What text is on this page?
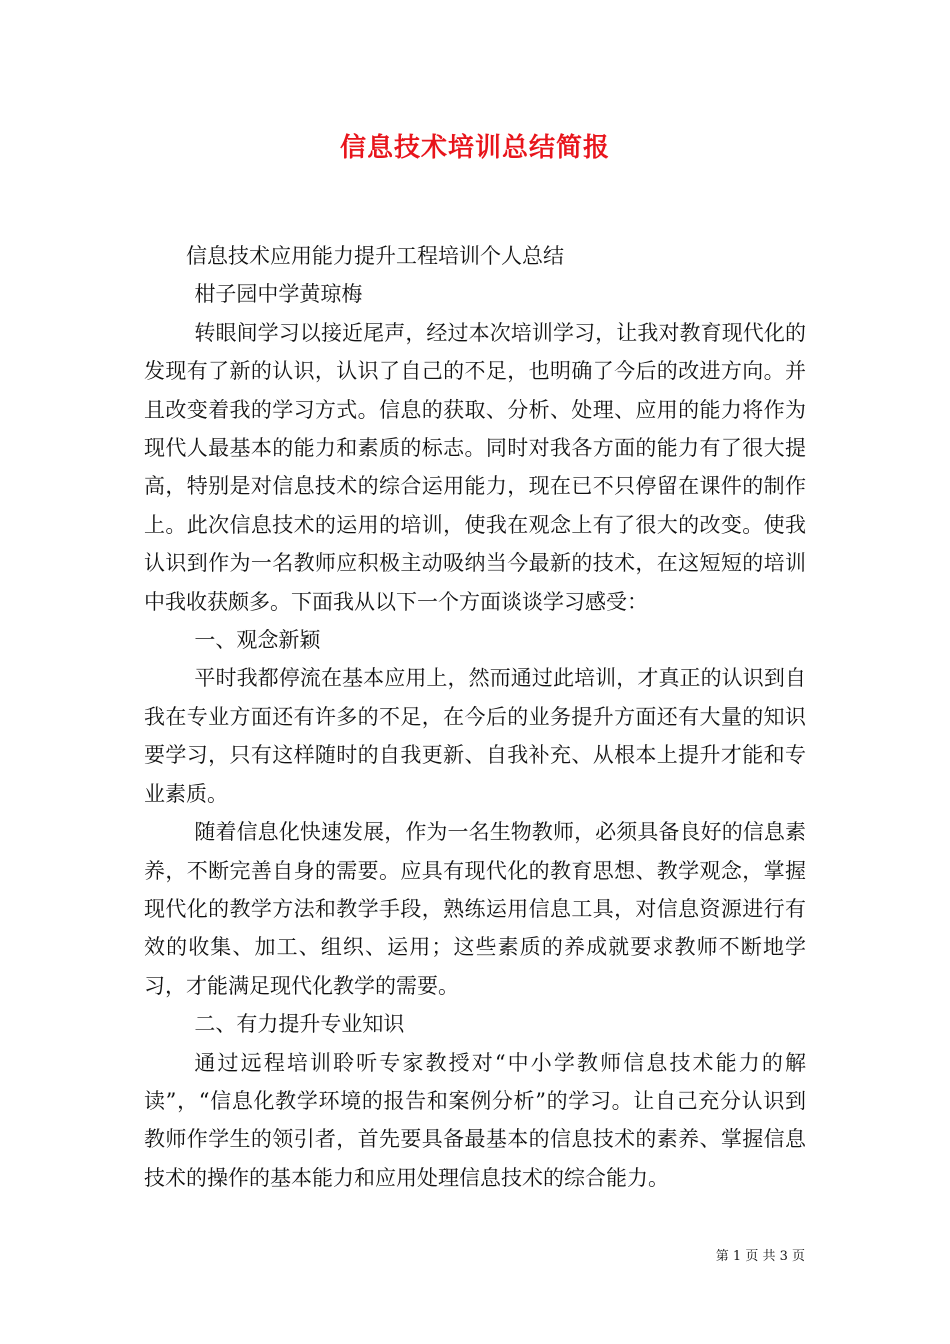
信息技术培训总结简报

信息技术应用能力提升工程培训个人总结

柑子园中学黄琼梅

转眼间学习以接近尾声，经过本次培训学习，让我对教育现代化的发现有了新的认识，认识了自己的不足，也明确了今后的改进方向。并且改变着我的学习方式。信息的获取、分析、处理、应用的能力将作为现代人最基本的能力和素质的标志。同时对我各方面的能力有了很大提高，特别是对信息技术的综合运用能力，现在已不只停留在课件的制作上。此次信息技术的运用的培训，使我在观念上有了很大的改变。使我认识到作为一名教师应积极主动吸纳当今最新的技术，在这短短的培训中我收获颇多。下面我从以下一个方面谈谈学习感受：

一、观念新颖

平时我都停流在基本应用上，然而通过此培训，才真正的认识到自我在专业方面还有许多的不足，在今后的业务提升方面还有大量的知识要学习，只有这样随时的自我更新、自我补充、从根本上提升才能和专业素质。

随着信息化快速发展，作为一名生物教师，必须具备良好的信息素养，不断完善自身的需要。应具有现代化的教育思想、教学观念，掌握现代化的教学方法和教学手段，熟练运用信息工具，对信息资源进行有效的收集、加工、组织、运用；这些素质的养成就要求教师不断地学习，才能满足现代化教学的需要。

二、有力提升专业知识

通过远程培训聆听专家教授对“中小学教师信息技术能力的解读”，“信息化教学环境的报告和案例分析”的学习。让自己充分认识到教师作学生的领引者，首先要具备最基本的信息技术的素养、掌握信息技术的操作的基本能力和应用处理信息技术的综合能力。

第 1 页 共 3 页
